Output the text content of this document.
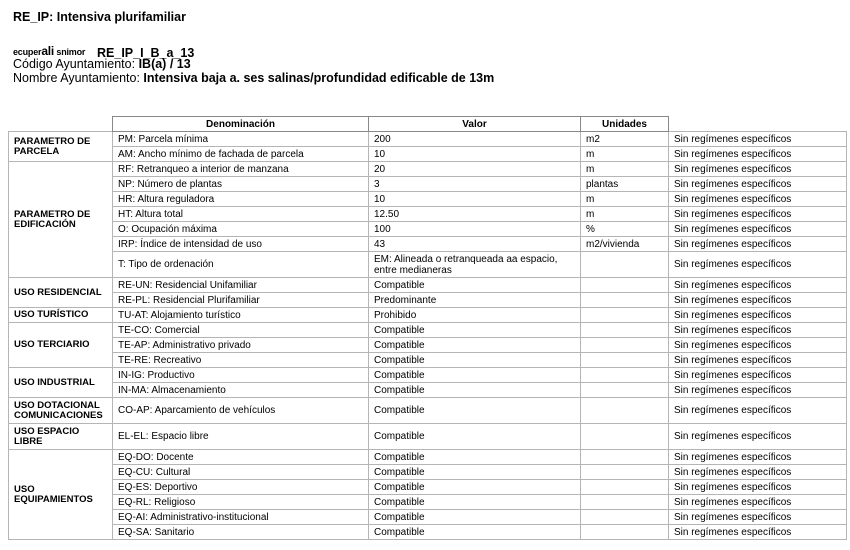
RE_IP: Intensiva plurifamiliar
ecuperali snimor RE_IP_I_B_a_13
Código Ayuntamiento: IB(a) / 13
Nombre Ayuntamiento: Intensiva baja a. ses salinas/profundidad edificable de 13m
	Denominación	Valor	Unidades	
PARAMETRO DE PARCELA	PM: Parcela mínima	200	m2	Sin regímenes específicos
	AM: Ancho mínimo de fachada de parcela	10	m	Sin regímenes específicos
PARAMETRO DE EDIFICACIÓN	RF: Retranqueo a interior de manzana	20	m	Sin regímenes específicos
	NP: Número de plantas	3	plantas	Sin regímenes específicos
	HR: Altura reguladora	10	m	Sin regímenes específicos
	HT: Altura total	12.50	m	Sin regímenes específicos
	O: Ocupación máxima	100	%	Sin regímenes específicos
	IRP: Índice de intensidad de uso	43	m2/vivienda	Sin regímenes específicos
	T: Tipo de ordenación	EM: Alineada o retranqueada aa espacio, entre medianeras		Sin regímenes específicos
USO RESIDENCIAL	RE-UN: Residencial Unifamiliar	Compatible		Sin regímenes específicos
	RE-PL: Residencial Plurifamiliar	Predominante		Sin regímenes específicos
USO TURÍSTICO	TU-AT: Alojamiento turístico	Prohibido		Sin regímenes específicos
USO TERCIARIO	TE-CO: Comercial	Compatible		Sin regímenes específicos
	TE-AP: Administrativo privado	Compatible		Sin regímenes específicos
	TE-RE: Recreativo	Compatible		Sin regímenes específicos
USO INDUSTRIAL	IN-IG: Productivo	Compatible		Sin regímenes específicos
	IN-MA: Almacenamiento	Compatible		Sin regímenes específicos
USO DOTACIONAL COMUNICACIONES	CO-AP: Aparcamiento de vehículos	Compatible		Sin regímenes específicos
USO ESPACIO LIBRE	EL-EL: Espacio libre	Compatible		Sin regímenes específicos
USO EQUIPAMIENTOS	EQ-DO: Docente	Compatible		Sin regímenes específicos
	EQ-CU: Cultural	Compatible		Sin regímenes específicos
	EQ-ES: Deportivo	Compatible		Sin regímenes específicos
	EQ-RL: Religioso	Compatible		Sin regímenes específicos
	EQ-AI: Administrativo-institucional	Compatible		Sin regímenes específicos
	EQ-SA: Sanitario	Compatible		Sin regímenes específicos
